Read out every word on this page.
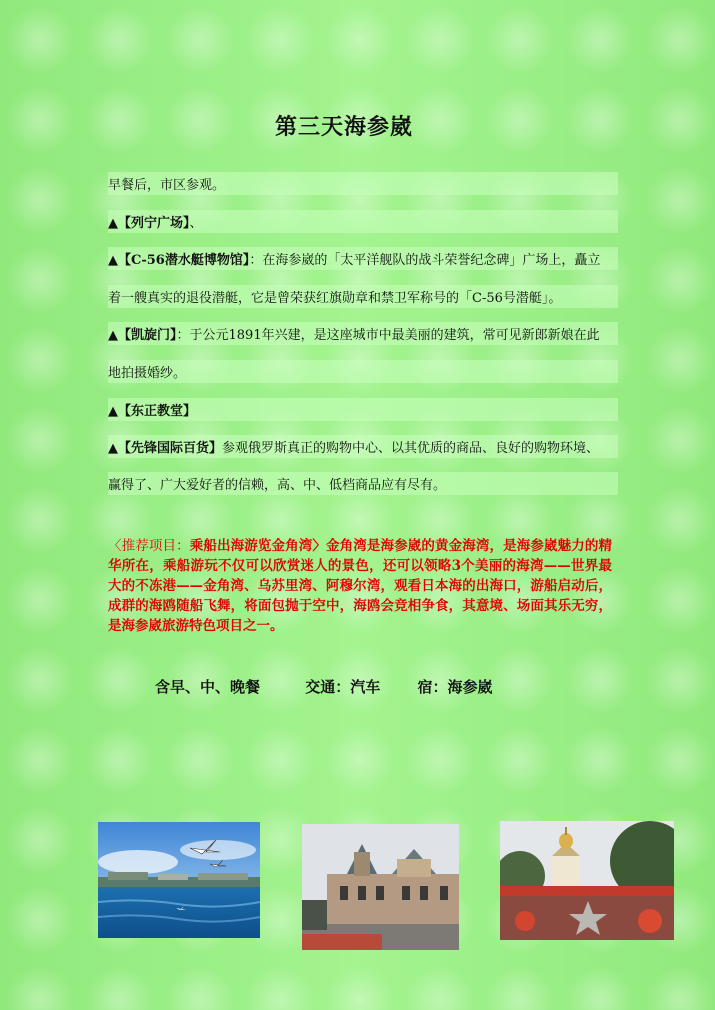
第三天海参崴
早餐后，市区参观。
▲【列宁广场】、
▲【C-56潜水艇博物馆】：在海参崴的「太平洋舰队的战斗荣誉纪念碑」广场上，矗立
着一艘真实的退役潜艇，它是曾荣获红旗勋章和禁卫军称号的「C-56号潜艇」。
▲【凯旋门】：于公元1891年兴建，是这座城市中最美丽的建筑，常可见新郎新娘在此
地拍摄婚纱。
▲【东正教堂】
▲【先锋国际百货】参观俄罗斯真正的购物中心、以其优质的商品、良好的购物环境、
赢得了、广大爱好者的信赖，高、中、低档商品应有尽有。
〈推荐项目：乘船出海游览金角湾〉金角湾是海参崴的黄金海湾，是海参崴魅力的精华所在，乘船游玩不仅可以欣赏迷人的景色，还可以领略3个美丽的海湾——世界最大的不冻港——金角湾、乌苏里湾、阿穆尔湾，观看日本海的出海口，游船启动后，成群的海鸥随船飞舞，将面包抛于空中，海鸥会竞相争食，其意境、场面其乐无穷，是海参崴旅游特色项目之一。
含早、中、晚餐	交通：汽车 宿：海参崴
